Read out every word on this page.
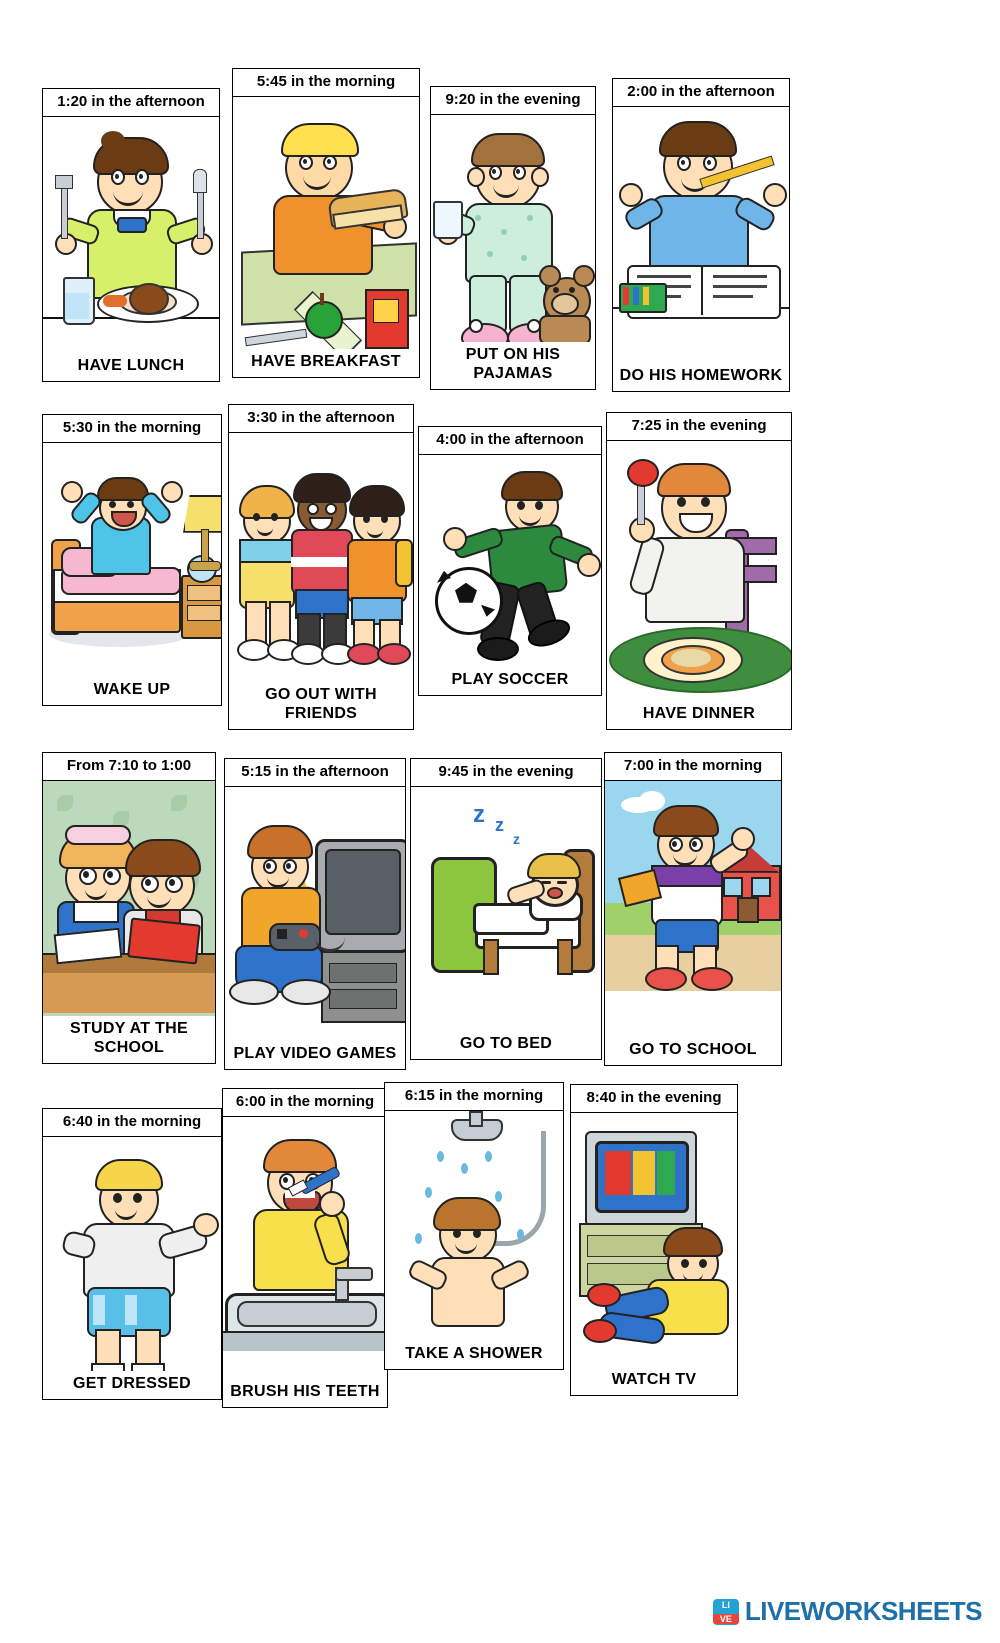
1:20 in the afternoon
HAVE LUNCH
5:45 in the morning
HAVE BREAKFAST
9:20 in the evening
PUT ON HIS PAJAMAS
2:00 in the afternoon
DO HIS HOMEWORK
5:30 in the morning
WAKE UP
3:30 in the afternoon
GO OUT WITH FRIENDS
4:00 in the afternoon
PLAY SOCCER
7:25 in the evening
HAVE DINNER
From 7:10 to 1:00
STUDY AT THE SCHOOL
5:15 in the afternoon
PLAY VIDEO GAMES
9:45 in the evening
z z
z
GO TO BED
7:00 in the morning
GO TO SCHOOL
6:40 in the morning
GET DRESSED
6:00 in the morning
BRUSH HIS TEETH
6:15 in the morning
TAKE A SHOWER
8:40 in the evening
WATCH TV
LI
VE LIVEWORKSHEETS
